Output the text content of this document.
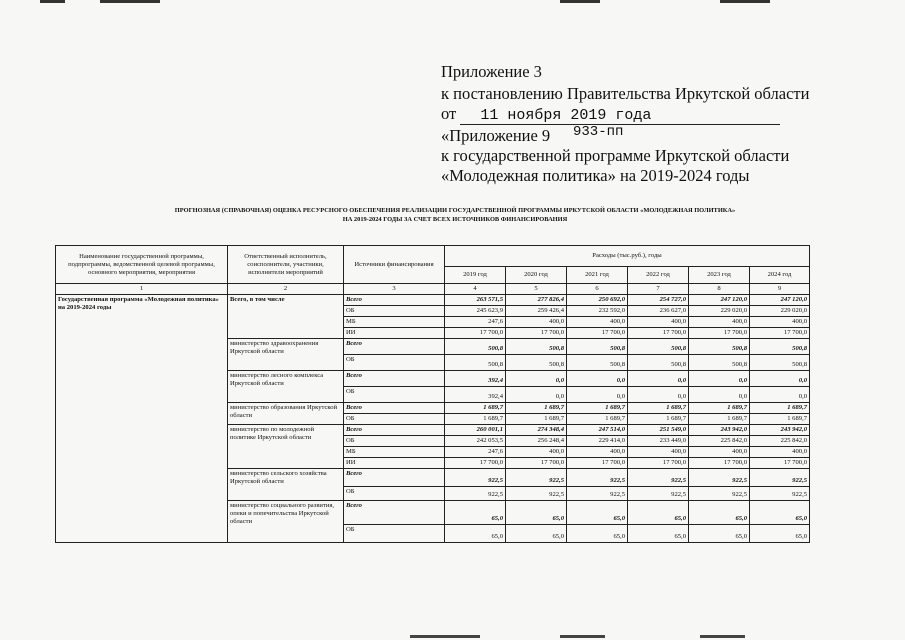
Приложение 3
к постановлению Правительства Иркутской области
от 11 ноября 2019 года
«Приложение 9 933-пп
к государственной программе Иркутской области
«Молодежная политика» на 2019-2024 годы
ПРОГНОЗНАЯ (СПРАВОЧНАЯ) ОЦЕНКА РЕСУРСНОГО ОБЕСПЕЧЕНИЯ РЕАЛИЗАЦИИ ГОСУДАРСТВЕННОЙ ПРОГРАММЫ ИРКУТСКОЙ ОБЛАСТИ «МОЛОДЕЖНАЯ ПОЛИТИКА»
НА 2019-2024 ГОДЫ ЗА СЧЕТ ВСЕХ ИСТОЧНИКОВ ФИНАНСИРОВАНИЯ
Наименование государственной программы, подпрограммы, ведомственной целевой программы, основного мероприятия, мероприятия	Ответственный исполнитель, соисполнители, участники, исполнители мероприятий	Источники финансирования	Расходы (тыс.руб.), годы					
			2019 год	2020 год	2021 год	2022 год	2023 год	2024 год
1	2	3	4	5	6	7	8	9
Государственная программа «Молодежная политика» на 2019-2024 годы	Всего, в том числе	Всего	263 571,5	277 826,4	250 692,0	254 727,0	247 120,0	247 120,0
		ОБ	245 623,9	259 426,4	232 592,0	236 627,0	229 020,0	229 020,0
		МБ	247,6	400,0	400,0	400,0	400,0	400,0
		ИИ	17 700,0	17 700,0	17 700,0	17 700,0	17 700,0	17 700,0
	министерство здравоохранения Иркутской области	Всего	500,8	500,8	500,8	500,8	500,8	500,8
		ОБ	500,8	500,8	500,8	500,8	500,8	500,8
	министерство лесного комплекса Иркутской области	Всего	392,4	0,0	0,0	0,0	0,0	0,0
		ОБ	392,4	0,0	0,0	0,0	0,0	0,0
	министерство образования Иркутской области	Всего	1 689,7	1 689,7	1 689,7	1 689,7	1 689,7	1 689,7
		ОБ	1 689,7	1 689,7	1 689,7	1 689,7	1 689,7	1 689,7
	министерство по молодежной политике Иркутской области	Всего	260 001,1	274 348,4	247 514,0	251 549,0	243 942,0	243 942,0
		ОБ	242 053,5	256 248,4	229 414,0	233 449,0	225 842,0	225 842,0
		МБ	247,6	400,0	400,0	400,0	400,0	400,0
		ИИ	17 700,0	17 700,0	17 700,0	17 700,0	17 700,0	17 700,0
	министерство сельского хозяйства Иркутской области	Всего	922,5	922,5	922,5	922,5	922,5	922,5
		ОБ	922,5	922,5	922,5	922,5	922,5	922,5
	министерство социального развития, опеки и попечительства Иркутской области	Всего	65,0	65,0	65,0	65,0	65,0	65,0
		ОБ	65,0	65,0	65,0	65,0	65,0	65,0
